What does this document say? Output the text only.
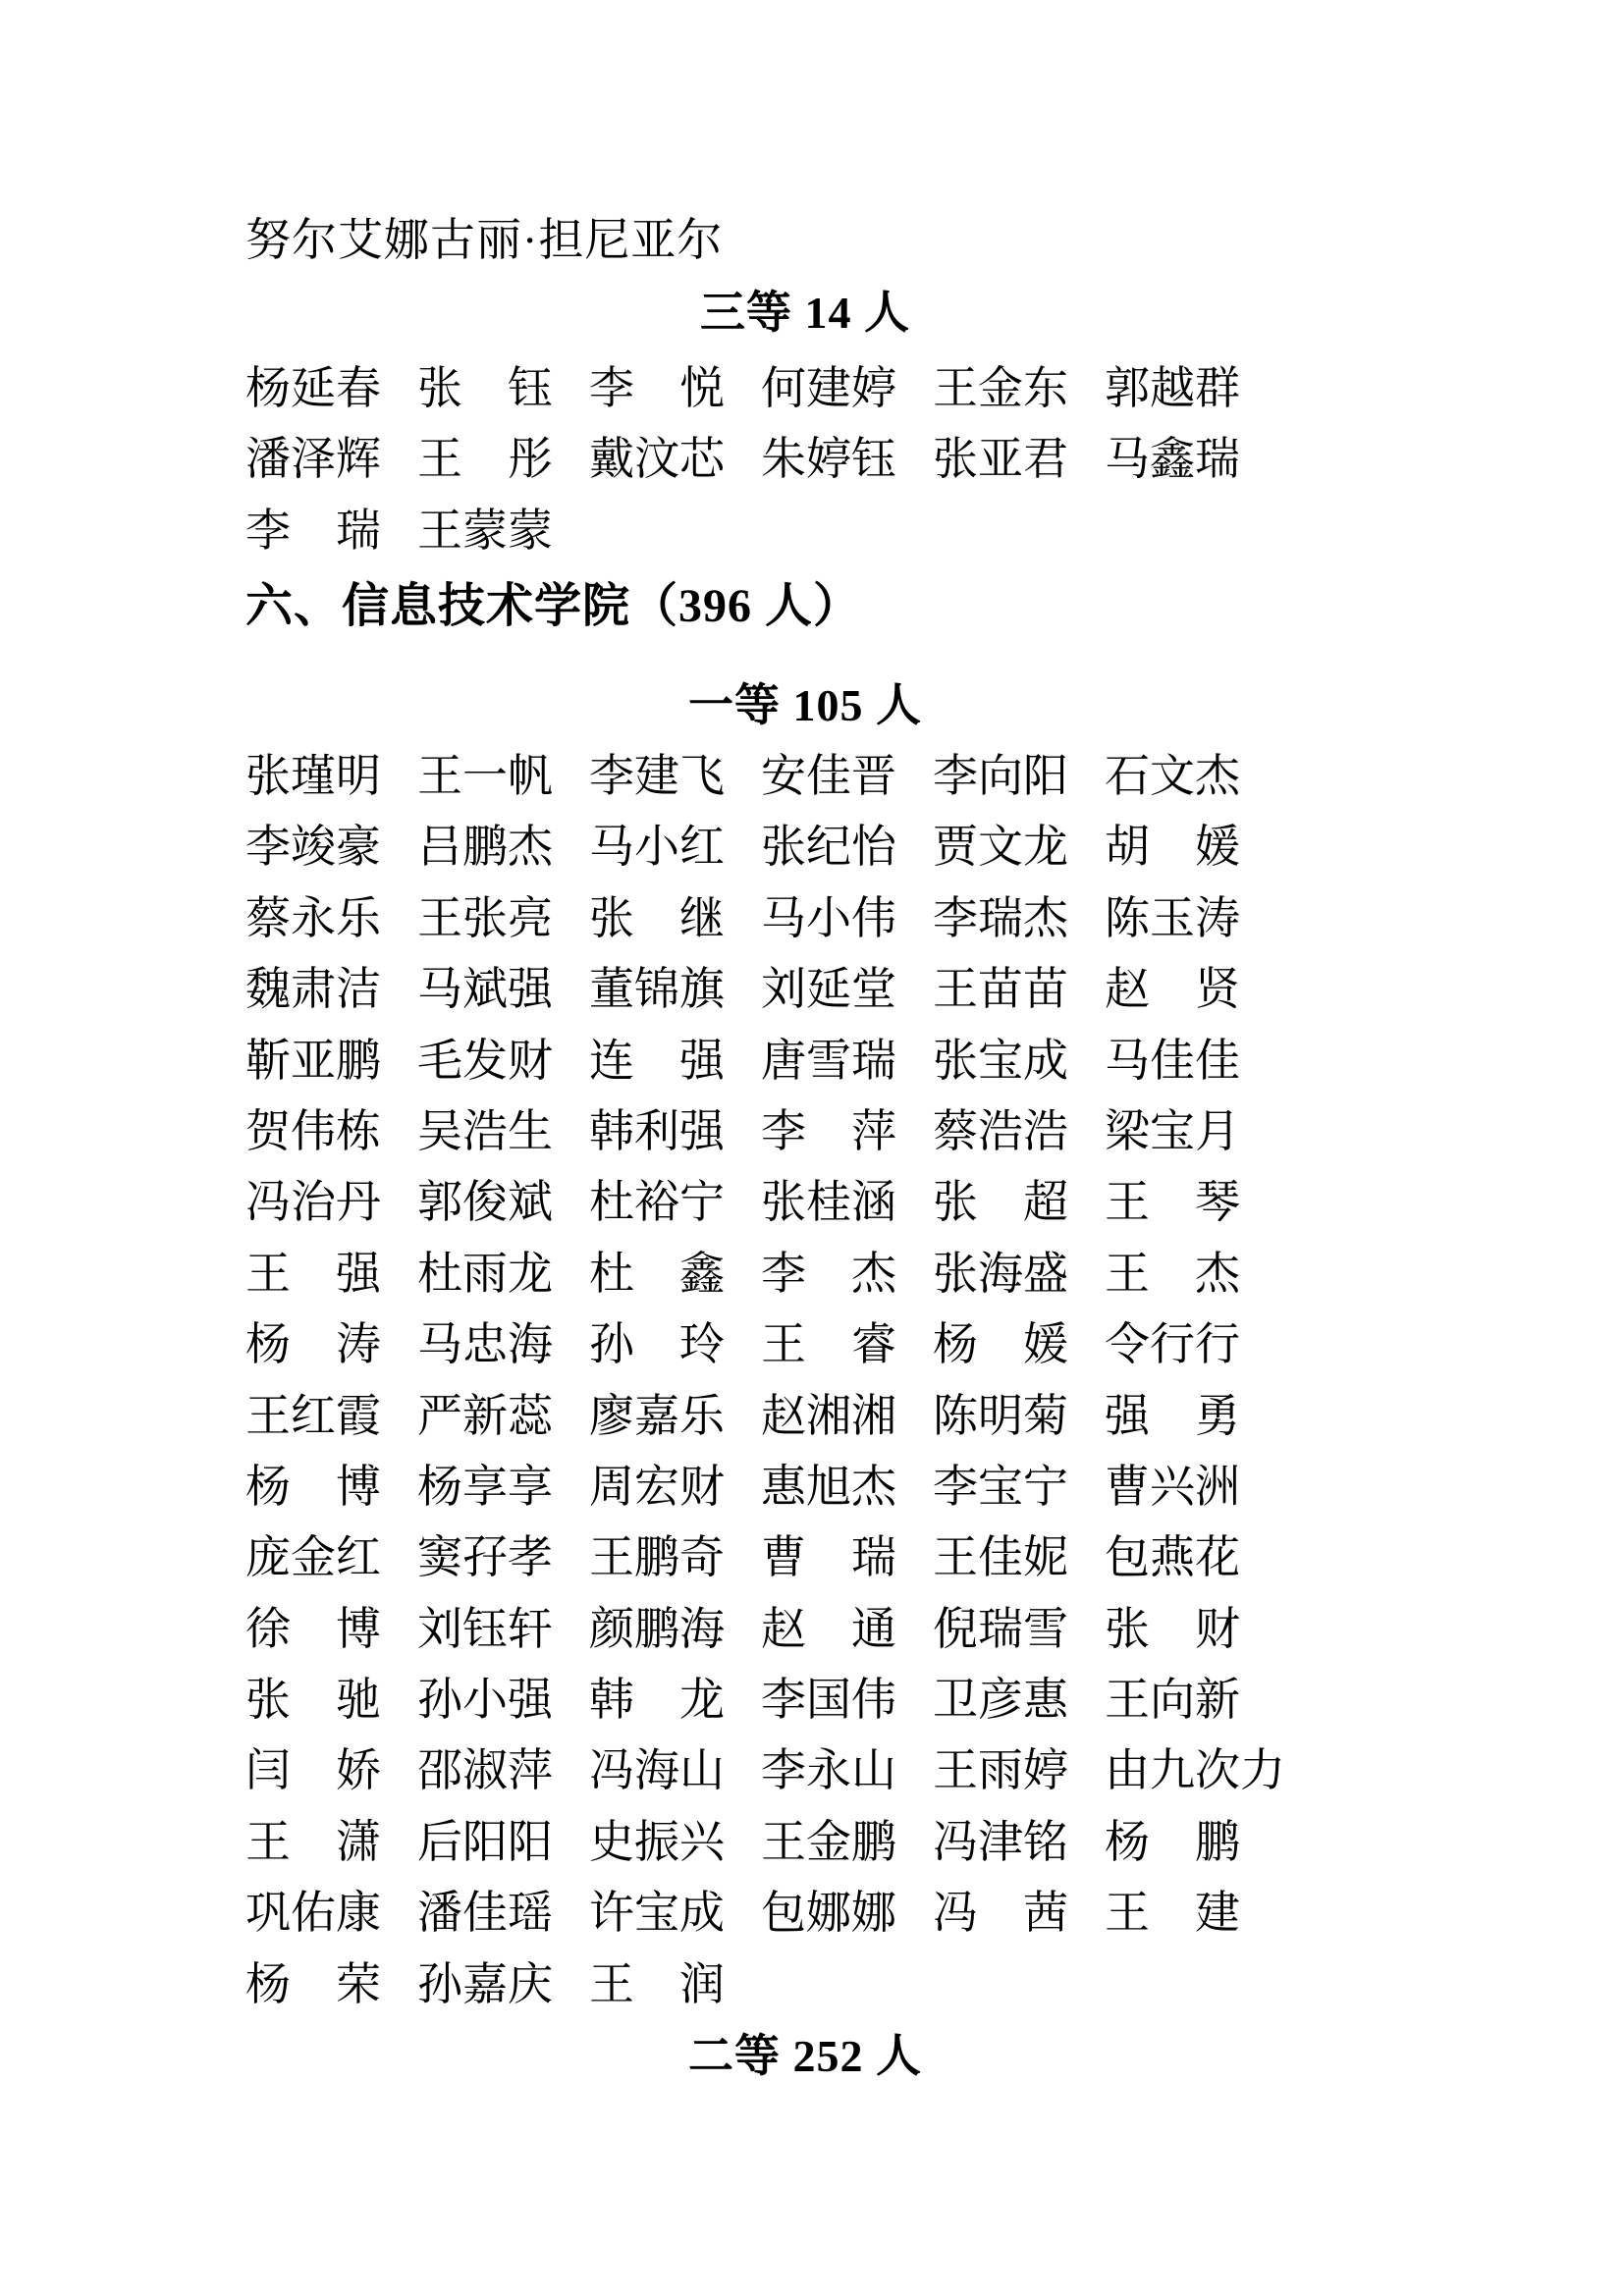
努尔艾娜古丽·担尼亚尔
三等 14 人
杨延春 张　钰 李　悦 何建婷 王金东 郭越群
潘泽辉 王　彤 戴汶芯 朱婷钰 张亚君 马鑫瑞
李　瑞 王蒙蒙
六、信息技术学院（396 人）
一等 105 人
张瑾明 王一帆 李建飞 安佳晋 李向阳 石文杰
李竣豪 吕鹏杰 马小红 张纪怡 贾文龙 胡　媛
蔡永乐 王张亮 张　继 马小伟 李瑞杰 陈玉涛
魏肃洁 马斌强 董锦旗 刘延堂 王苗苗 赵　贤
靳亚鹏 毛发财 连　强 唐雪瑞 张宝成 马佳佳
贺伟栋 吴浩生 韩利强 李　萍 蔡浩浩 梁宝月
冯治丹 郭俊斌 杜裕宁 张桂涵 张　超 王　琴
王　强 杜雨龙 杜　鑫 李　杰 张海盛 王　杰
杨　涛 马忠海 孙　玲 王　睿 杨　媛 令行行
王红霞 严新蕊 廖嘉乐 赵湘湘 陈明菊 强　勇
杨　博 杨享享 周宏财 惠旭杰 李宝宁 曹兴洲
庞金红 窦孖孝 王鹏奇 曹　瑞 王佳妮 包燕花
徐　博 刘钰轩 颜鹏海 赵　通 倪瑞雪 张　财
张　驰 孙小强 韩　龙 李国伟 卫彦惠 王向新
闫　娇 邵淑萍 冯海山 李永山 王雨婷 由九次力
王　潇 后阳阳 史振兴 王金鹏 冯津铭 杨　鹏
巩佑康 潘佳瑶 许宝成 包娜娜 冯　茜 王　建
杨　荣 孙嘉庆 王　润
二等 252 人
